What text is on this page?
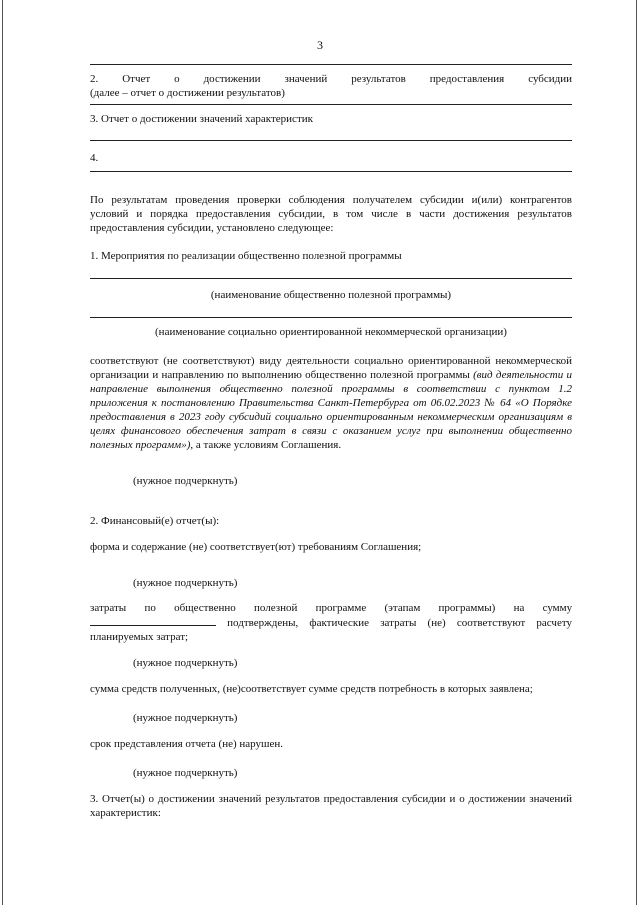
3
2. Отчет о достижении значений результатов предоставления субсидии
(далее – отчет о достижении результатов)
3. Отчет о достижении значений характеристик
4.
По результатам проведения проверки соблюдения получателем субсидии и(или) контрагентов условий и порядка предоставления субсидии, в том числе в части достижения результатов предоставления субсидии, установлено следующее:
1. Мероприятия по реализации общественно полезной программы
(наименование общественно полезной программы)
(наименование социально ориентированной некоммерческой организации)
соответствуют (не соответствуют) виду деятельности социально ориентированной некоммерческой организации и направлению по выполнению общественно полезной программы (вид деятельности и направление выполнения общественно полезной программы в соответствии с пунктом 1.2 приложения к постановлению Правительства Санкт-Петербурга от 06.02.2023 № 64 «О Порядке предоставления в 2023 году субсидий социально ориентированным некоммерческим организациям в целях финансового обеспечения затрат в связи с оказанием услуг при выполнении общественно полезных программ»), а также условиям Соглашения.
(нужное подчеркнуть)
2. Финансовый(е) отчет(ы):
форма и содержание (не) соответствует(ют) требованиям Соглашения;
(нужное подчеркнуть)
затраты по общественно полезной программе (этапам программы) на сумму
подтверждены, фактические затраты (не) соответствуют расчету
планируемых затрат;
(нужное подчеркнуть)
сумма средств полученных, (не)соответствует сумме средств потребность в которых заявлена;
(нужное подчеркнуть)
срок представления отчета (не) нарушен.
(нужное подчеркнуть)
3. Отчет(ы) о достижении значений результатов предоставления субсидии и о достижении значений характеристик:
